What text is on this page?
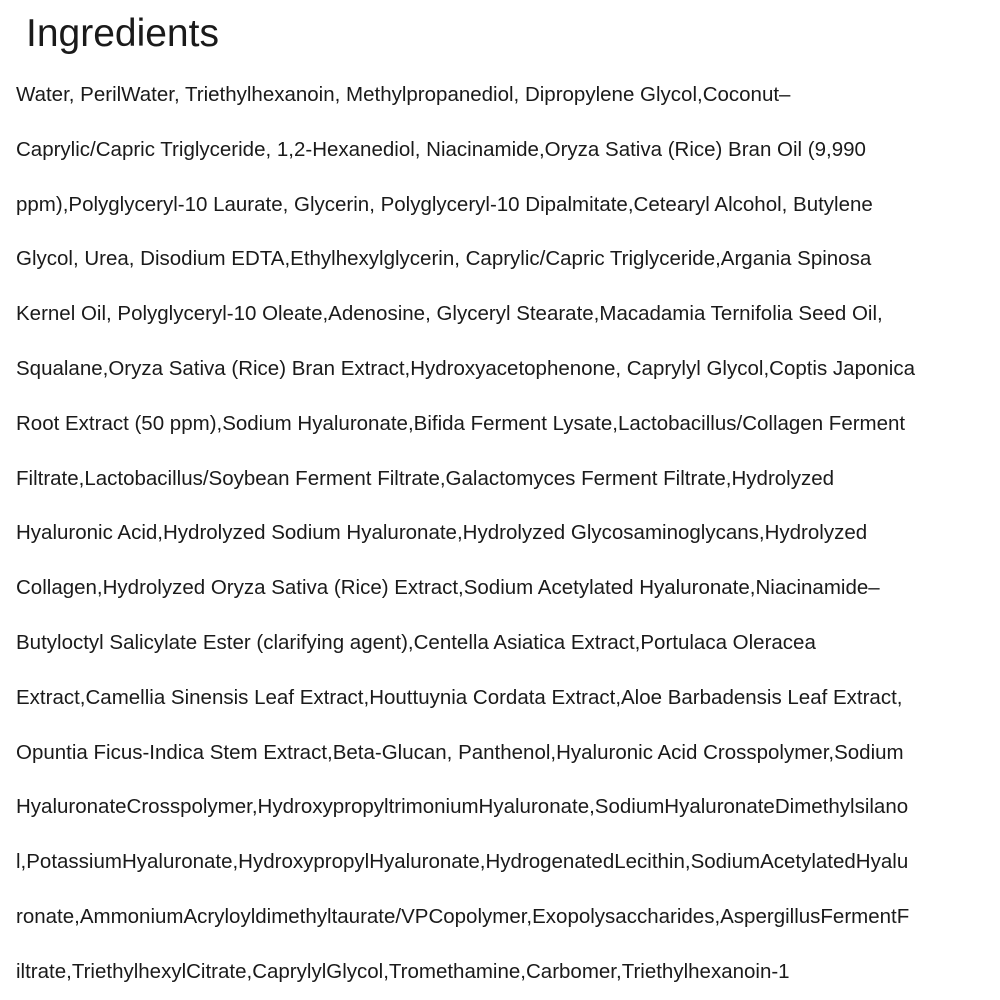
Ingredients
Water, PerilWater, Triethylhexanoin, Methylpropanediol, Dipropylene Glycol,Coconut–
Caprylic/Capric Triglyceride, 1,2-Hexanediol, Niacinamide,Oryza Sativa (Rice) Bran Oil (9,990
ppm),Polyglyceryl-10 Laurate, Glycerin, Polyglyceryl-10 Dipalmitate,Cetearyl Alcohol, Butylene
Glycol, Urea, Disodium EDTA,Ethylhexylglycerin, Caprylic/Capric Triglyceride,Argania Spinosa
Kernel Oil, Polyglyceryl-10 Oleate,Adenosine, Glyceryl Stearate,Macadamia Ternifolia Seed Oil,
Squalane,Oryza Sativa (Rice) Bran Extract,Hydroxyacetophenone, Caprylyl Glycol,Coptis Japonica
Root Extract (50 ppm),Sodium Hyaluronate,Bifida Ferment Lysate,Lactobacillus/Collagen Ferment
Filtrate,Lactobacillus/Soybean Ferment Filtrate,Galactomyces Ferment Filtrate,Hydrolyzed
Hyaluronic Acid,Hydrolyzed Sodium Hyaluronate,Hydrolyzed Glycosaminoglycans,Hydrolyzed
Collagen,Hydrolyzed Oryza Sativa (Rice) Extract,Sodium Acetylated Hyaluronate,Niacinamide–
Butyloctyl Salicylate Ester (clarifying agent),Centella Asiatica Extract,Portulaca Oleracea
Extract,Camellia Sinensis Leaf Extract,Houttuynia Cordata Extract,Aloe Barbadensis Leaf Extract,
Opuntia Ficus-Indica Stem Extract,Beta-Glucan, Panthenol,Hyaluronic Acid Crosspolymer,Sodium
HyaluronateCrosspolymer,HydroxypropyltrimoniumHyaluronate,SodiumHyaluronateDimethylsilano
l,PotassiumHyaluronate,HydroxypropylHyaluronate,HydrogenatedLecithin,SodiumAcetylatedHyalu
ronate,AmmoniumAcryloyldimethyltaurate/VPCopolymer,Exopolysaccharides,AspergillusFermentF
iltrate,TriethylhexylCitrate,CaprylylGlycol,Tromethamine,Carbomer,Triethylhexanoin-1
